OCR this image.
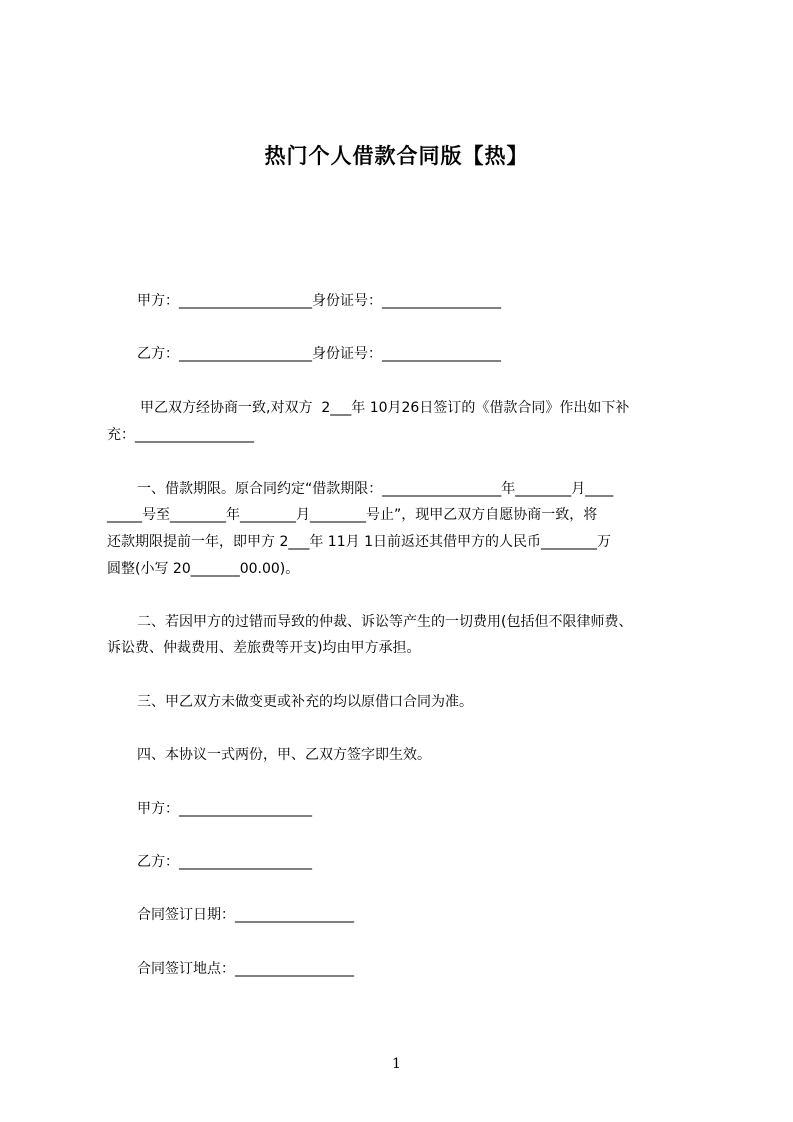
热门个人借款合同版【热】
甲方：___________________身份证号：_________________
乙方：___________________身份证号：_________________
甲乙双方经协商一致,对双方  2___年 10月26日签订的《借款合同》作出如下补
充：_________________
一、借款期限。原合同约定“借款期限：_________________年________月____
_____号至________年________月________号止”，现甲乙双方自愿协商一致，将
还款期限提前一年，即甲方 2___年 11月 1日前返还其借甲方的人民币________万
圆整(小写 20_______00.00)。
二、若因甲方的过错而导致的仲裁、诉讼等产生的一切费用(包括但不限律师费、
诉讼费、仲裁费用、差旅费等开支)均由甲方承担。
三、甲乙双方未做变更或补充的均以原借口合同为准。
四、本协议一式两份，甲、乙双方签字即生效。
甲方：___________________
乙方：___________________
合同签订日期：_________________
合同签订地点：_________________
1
